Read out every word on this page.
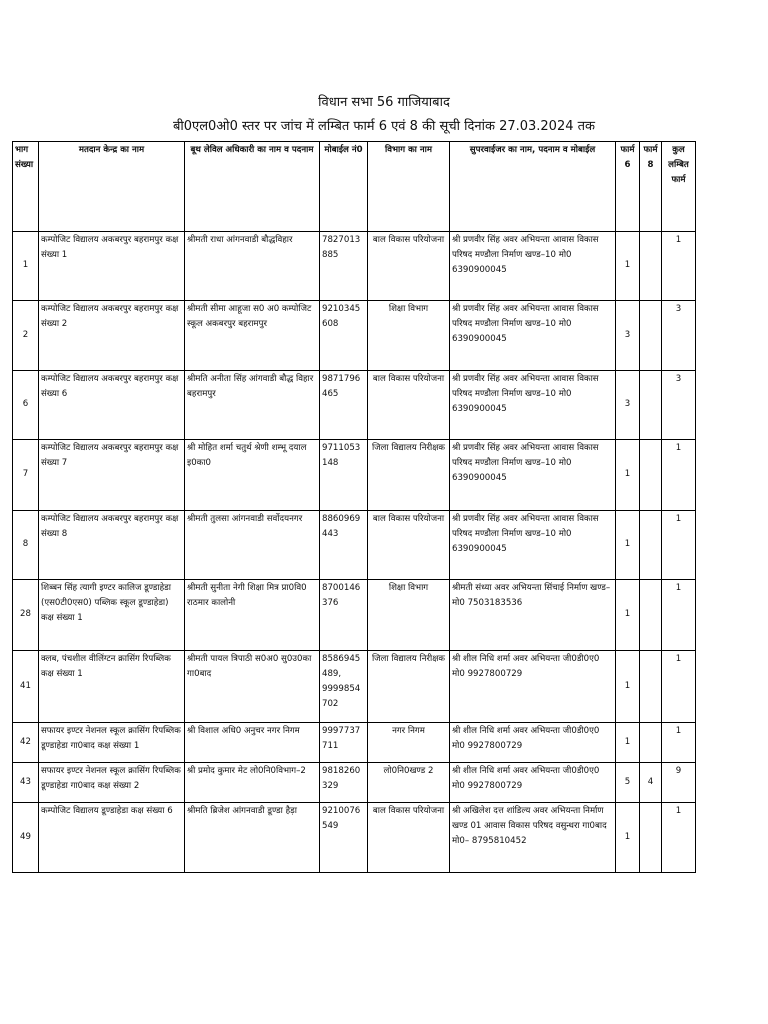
विधान सभा 56 गाजियाबाद
बी0एल0ओ0 स्तर पर जांच में लम्बित फार्म 6 एवं 8 की सूची दिनांक 27.03.2024 तक
भाग संख्या	मतदान केन्द्र का नाम	बूथ लेविल अधिकारी का नाम व पदनाम	मोबाईल नं0	विभाग का नाम	सुपरवाईजर का नाम, पदनाम व मोबाईल	फार्म 6	फार्म 8	कुल लम्बित फार्म
1	कम्पोजिट विद्यालय अकबरपुर बहरामपुर कक्ष संख्या 1	श्रीमती राधा आंगनवाडी बौद्धविहार	7827013885	बाल विकास परियोजना	श्री प्रणवीर सिंह अवर अभियन्ता आवास विकास परिषद मण्डौला निर्माण खण्ड–10 मो0 6390900045	1		1
2	कम्पोजिट विद्यालय अकबरपुर बहरामपुर कक्ष संख्या 2	श्रीमती सीमा आहूजा स0 अ0 कम्पोजिट स्कूल अकबरपुर बहरामपुर	9210345608	शिक्षा विभाग	श्री प्रणवीर सिंह अवर अभियन्ता आवास विकास परिषद मण्डौला निर्माण खण्ड–10 मो0 6390900045	3		3
6	कम्पोजिट विद्यालय अकबरपुर बहरामपुर कक्ष संख्या 6	श्रीमति अनीता सिंह आंगवाडी बौद्ध विहार बहरामपुर	9871796465	बाल विकास परियोजना	श्री प्रणवीर सिंह अवर अभियन्ता आवास विकास परिषद मण्डौला निर्माण खण्ड–10 मो0 6390900045	3		3
7	कम्पोजिट विद्यालय अकबरपुर बहरामपुर कक्ष संख्या 7	श्री मोहित शर्मा चतुर्थ श्रेणी शम्भू दयाल इ0का0	9711053148	जिला विद्यालय निरीक्षक	श्री प्रणवीर सिंह अवर अभियन्ता आवास विकास परिषद मण्डौला निर्माण खण्ड–10 मो0 6390900045	1		1
8	कम्पोजिट विद्यालय अकबरपुर बहरामपुर कक्ष संख्या 8	श्रीमती तुलसा आंगनवाडी सर्वोदयनगर	8860969443	बाल विकास परियोजना	श्री प्रणवीर सिंह अवर अभियन्ता आवास विकास परिषद मण्डौला निर्माण खण्ड–10 मो0 6390900045	1		1
28	शिब्बन सिंह त्यागी इण्टर कालिज डूण्डाहेडा (एस0टी0एस0) पब्लिक स्कूल डूण्डाहेडा) कक्ष संख्या 1	श्रीमती सुनीता नेगी शिक्षा मित्र प्रा0वि0 राठमार कालोनी	8700146376	शिक्षा विभाग	श्रीमती संध्या अवर अभियन्ता सिंचाई निर्माण खण्ड–मो0 7503183536	1		1
41	क्लब, पंचशील वीलिंग्टन क्रासिंग रिपब्लिक कक्ष संख्या 1	श्रीमती पायल त्रिपाठी स0अ0 सु0उ0का गा0बाद	8586945489, 9999854702	जिला विद्यालय निरीक्षक	श्री शील निधि शर्मा अवर अभियन्ता जी0डी0ए0 मो0 9927800729	1		1
42	सफायर इण्टर नेशनल स्कूल क्रासिंग रिपब्लिक डूण्डाहेडा गा0बाद कक्ष संख्या 1	श्री विशाल अधि0 अनुचर नगर निगम	9997737711	नगर निगम	श्री शील निधि शर्मा अवर अभियन्ता जी0डी0ए0 मो0 9927800729	1		1
43	सफायर इण्टर नेशनल स्कूल क्रासिंग रिपब्लिक डूण्डाहेडा गा0बाद कक्ष संख्या 2	श्री प्रमोद कुमार मेट लो0नि0विभाग–2	9818260329	लो0नि0खण्ड 2	श्री शील निधि शर्मा अवर अभियन्ता जी0डी0ए0 मो0 9927800729	5	4	9
49	कम्पोजिट विद्यालय डूण्डाहेडा कक्ष संख्या 6	श्रीमति ब्रिजेश आंगनवाडी डूण्डा हैड़ा	9210076549	बाल विकास परियोजना	श्री अखिलेश दत्त शांडिल्य अवर अभियन्ता निर्माण खण्ड 01 आवास विकास परिषद वसुन्धरा गा0बाद मो0– 8795810452	1		1
